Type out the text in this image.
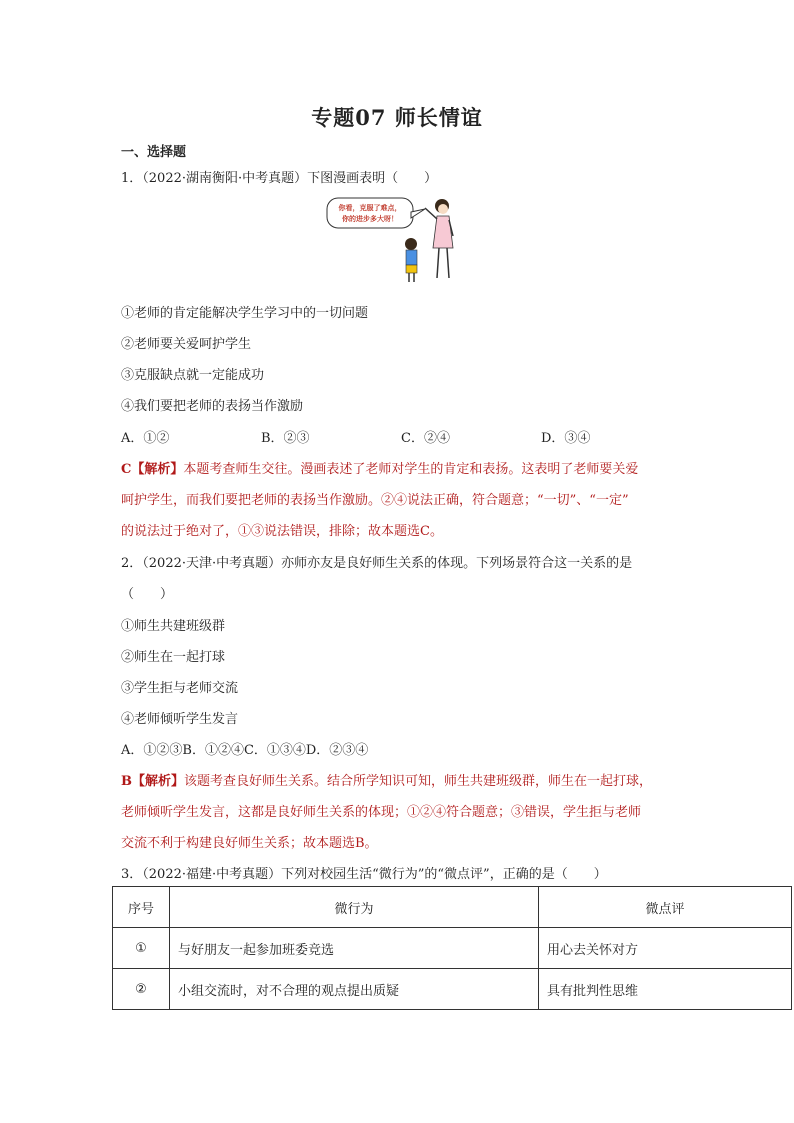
专题07 师长情谊
一、选择题
1．（2022·湖南衡阳·中考真题）下图漫画表明（　　）
你看，克服了难点，
你的进步多大呀！
①老师的肯定能解决学生学习中的一切问题
②老师要关爱呵护学生
③克服缺点就一定能成功
④我们要把老师的表扬当作激励
A．①②	B．②③	C．②④	D．③④
C【解析】本题考查师生交往。漫画表述了老师对学生的肯定和表扬。这表明了老师要关爱
呵护学生，而我们要把老师的表扬当作激励。②④说法正确，符合题意；“一切”、“一定”
的说法过于绝对了，①③说法错误，排除；故本题选C。
2．（2022·天津·中考真题）亦师亦友是良好师生关系的体现。下列场景符合这一关系的是
（　　）
①师生共建班级群
②师生在一起打球
③学生拒与老师交流
④老师倾听学生发言
A．①②③B．①②④C．①③④D．②③④
B【解析】该题考查良好师生关系。结合所学知识可知，师生共建班级群，师生在一起打球，
老师倾听学生发言，这都是良好师生关系的体现；①②④符合题意；③错误，学生拒与老师
交流不利于构建良好师生关系；故本题选B。
3．（2022·福建·中考真题）下列对校园生活“微行为”的“微点评”，正确的是（　　）
序号	微行为	微点评
①	与好朋友一起参加班委竞选	用心去关怀对方
②	小组交流时，对不合理的观点提出质疑	具有批判性思维
